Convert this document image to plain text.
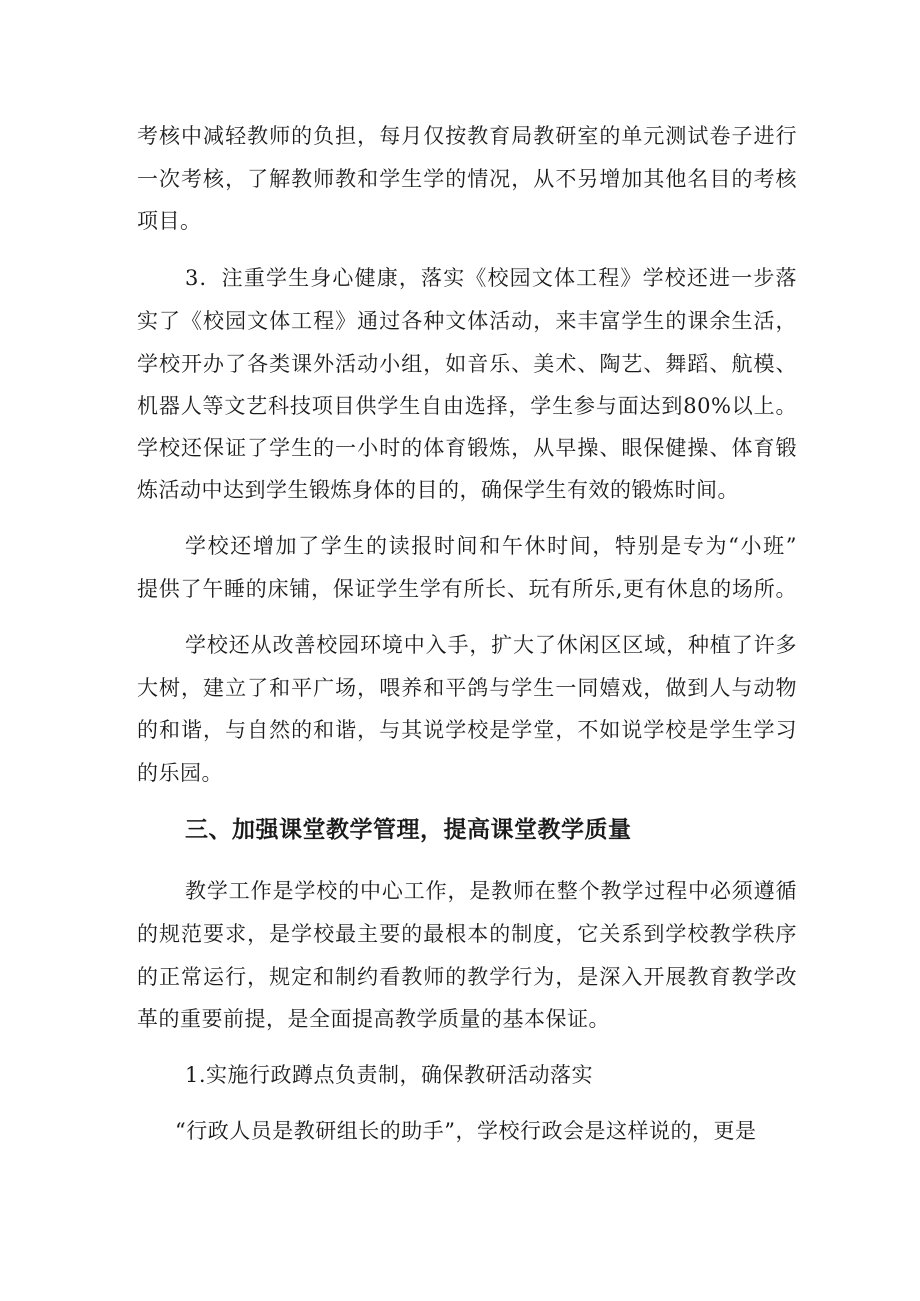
考核中减轻教师的负担，每月仅按教育局教研室的单元测试卷子进行
一次考核，了解教师教和学生学的情况，从不另增加其他名目的考核
项目。
3．注重学生身心健康，落实《校园文体工程》学校还进一步落
实了《校园文体工程》通过各种文体活动，来丰富学生的课余生活，
学校开办了各类课外活动小组，如音乐、美术、陶艺、舞蹈、航模、
机器人等文艺科技项目供学生自由选择，学生参与面达到80%以上。
学校还保证了学生的一小时的体育锻炼，从早操、眼保健操、体育锻
炼活动中达到学生锻炼身体的目的，确保学生有效的锻炼时间。
学校还增加了学生的读报时间和午休时间，特别是专为“小班”
提供了午睡的床铺，保证学生学有所长、玩有所乐,更有休息的场所。
学校还从改善校园环境中入手，扩大了休闲区区域，种植了许多
大树，建立了和平广场，喂养和平鸽与学生一同嬉戏，做到人与动物
的和谐，与自然的和谐，与其说学校是学堂，不如说学校是学生学习
的乐园。
三、加强课堂教学管理，提高课堂教学质量
教学工作是学校的中心工作，是教师在整个教学过程中必须遵循
的规范要求，是学校最主要的最根本的制度，它关系到学校教学秩序
的正常运行，规定和制约看教师的教学行为，是深入开展教育教学改
革的重要前提，是全面提高教学质量的基本保证。
1.实施行政蹲点负责制，确保教研活动落实
“行政人员是教研组长的助手”，学校行政会是这样说的，更是
